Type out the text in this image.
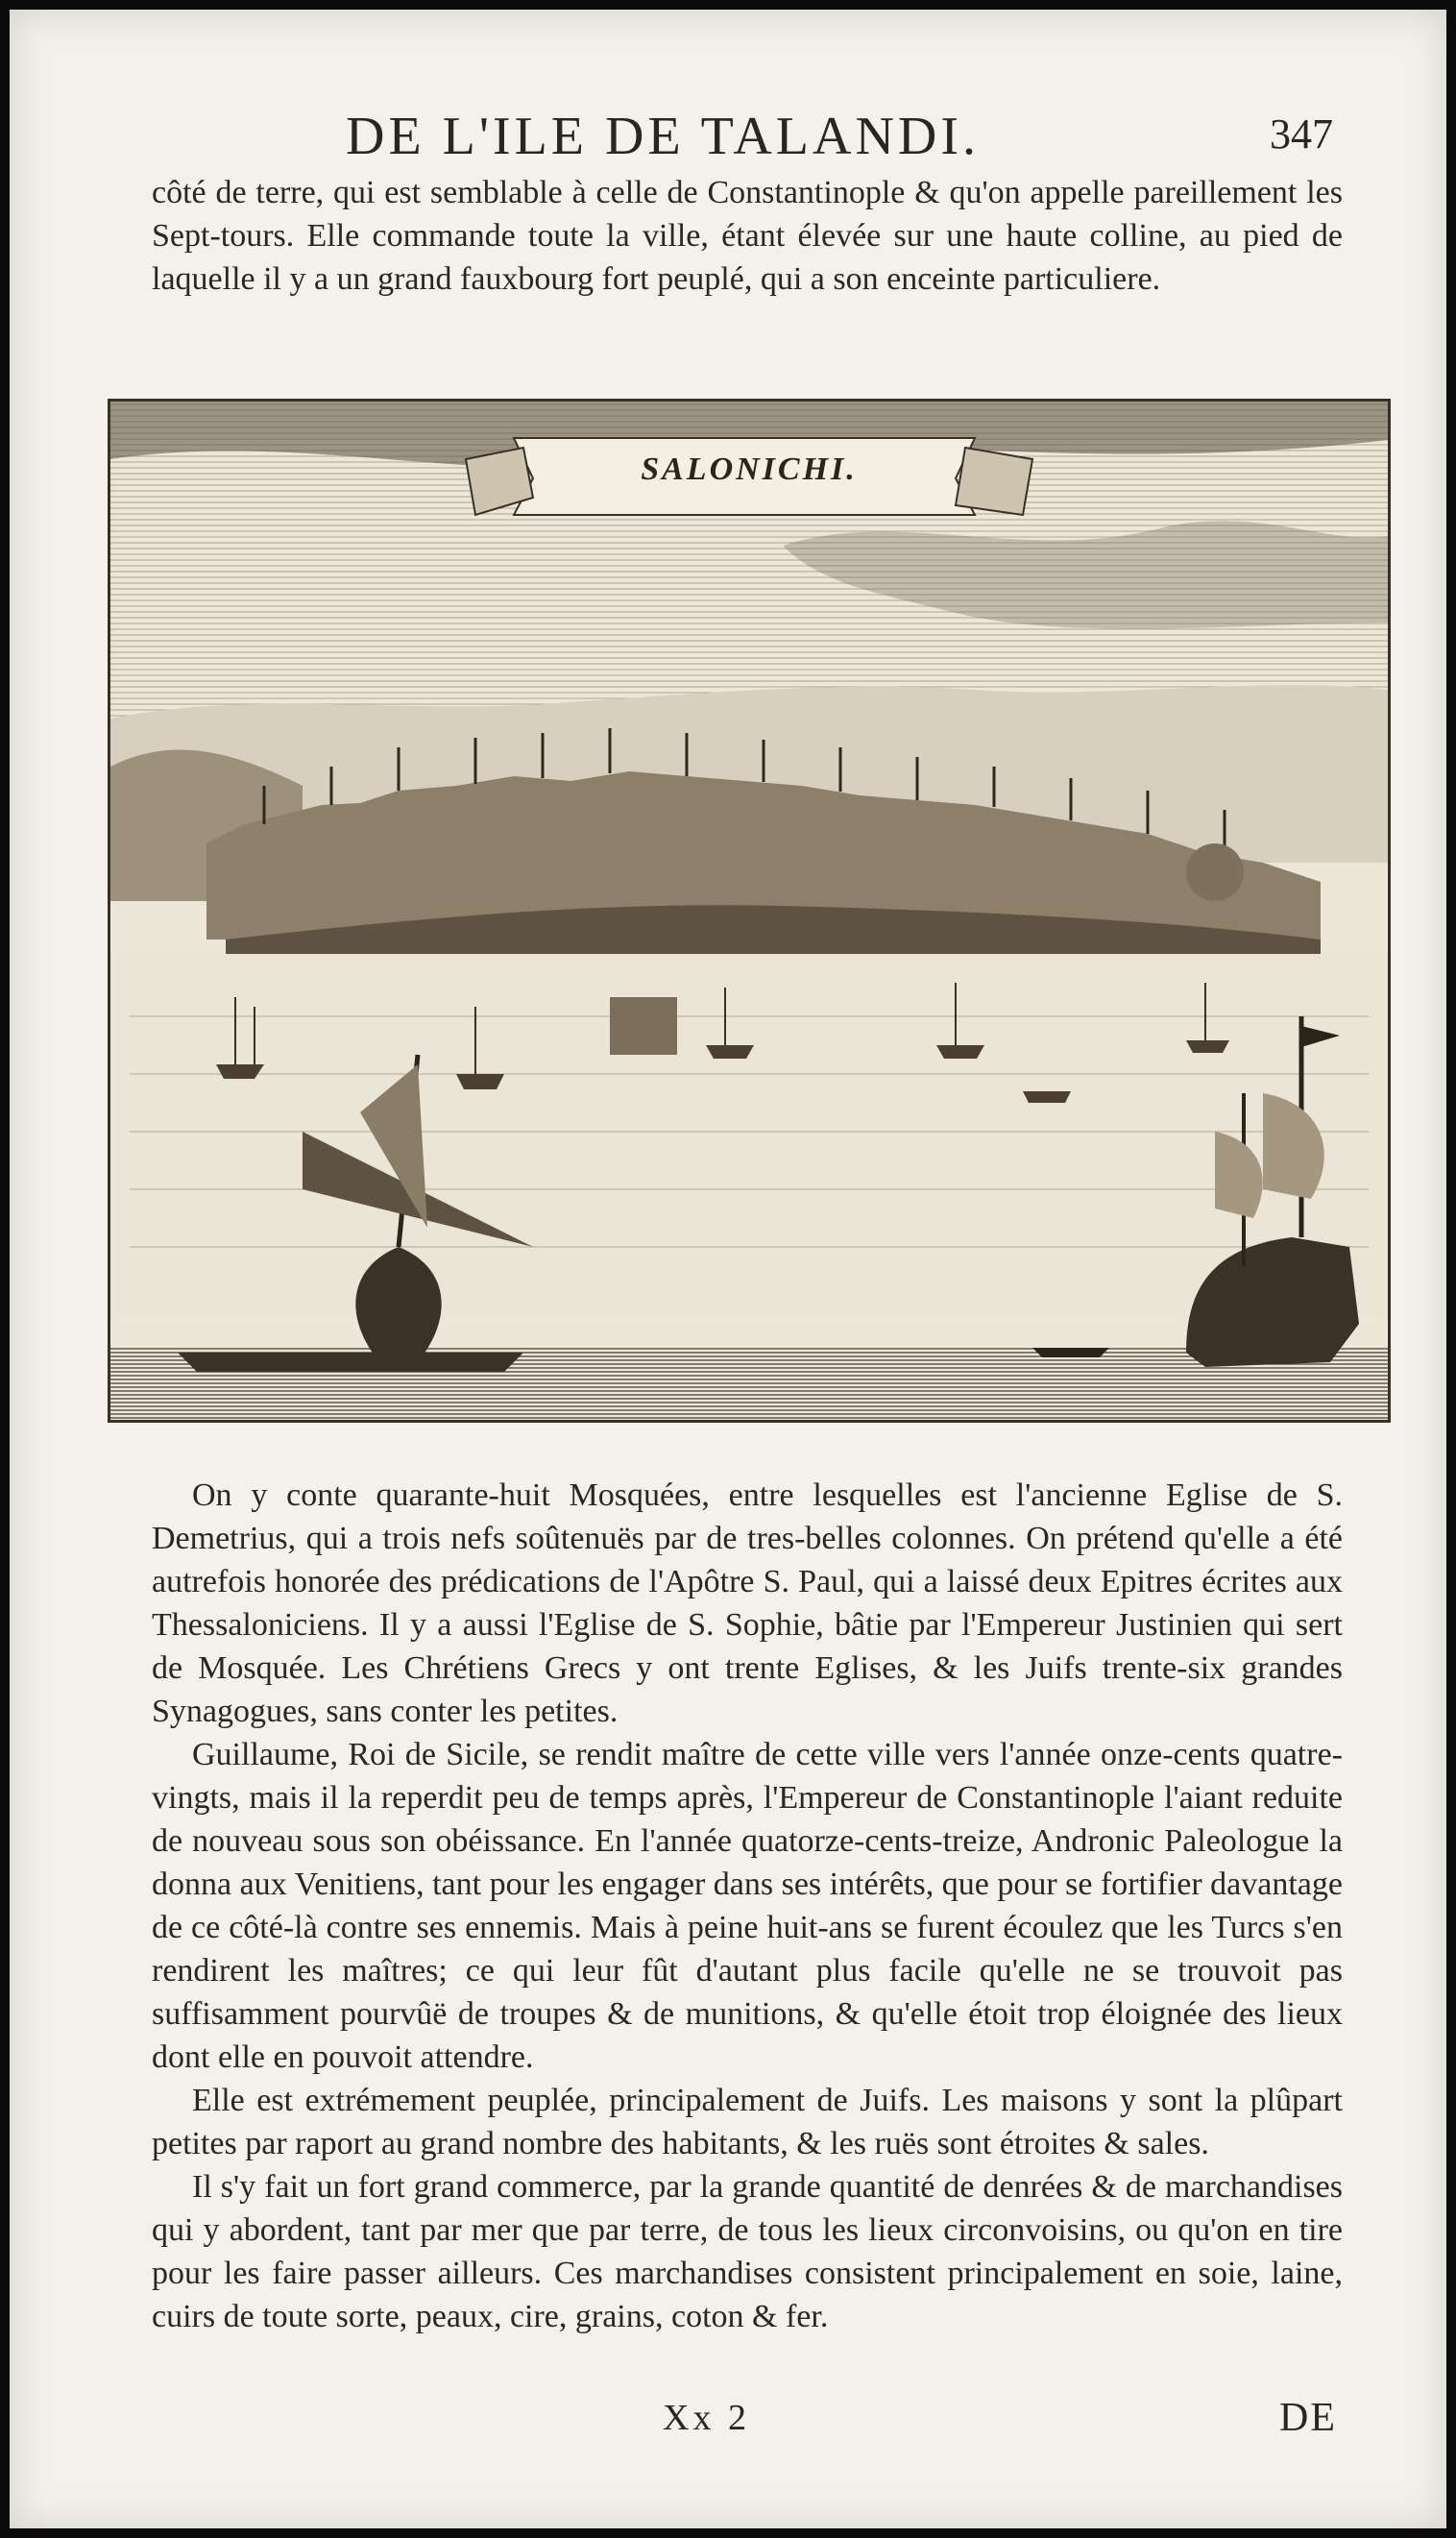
DE L'ILE DE TALANDI.	347

côté de terre, qui est semblable à celle de Constantinople & qu'on appelle pareillement les Sept-tours. Elle commande toute la ville, étant élevée sur une haute colline, au pied de laquelle il y a un grand fauxbourg fort peuplé, qui a son enceinte particuliere.

SALONICHI.

On y conte quarante-huit Mosquées, entre lesquelles est l'ancienne Eglise de S. Demetrius, qui a trois nefs soûtenuës par de tres-belles colonnes. On prétend qu'elle a été autrefois honorée des prédications de l'Apôtre S. Paul, qui a laissé deux Epitres écrites aux Thessaloniciens. Il y a aussi l'Eglise de S. Sophie, bâtie par l'Empereur Justinien qui sert de Mosquée. Les Chrétiens Grecs y ont trente Eglises, & les Juifs trente-six grandes Synagogues, sans conter les petites.

Guillaume, Roi de Sicile, se rendit maître de cette ville vers l'année onze-cents quatre-vingts, mais il la reperdit peu de temps après, l'Empereur de Constantinople l'aiant reduite de nouveau sous son obéissance. En l'année quatorze-cents-treize, Andronic Paleologue la donna aux Venitiens, tant pour les engager dans ses intérêts, que pour se fortifier davantage de ce côté-là contre ses ennemis. Mais à peine huit-ans se furent écoulez que les Turcs s'en rendirent les maîtres; ce qui leur fût d'autant plus facile qu'elle ne se trouvoit pas suffisamment pourvûë de troupes & de munitions, & qu'elle étoit trop éloignée des lieux dont elle en pouvoit attendre.

Elle est extrémement peuplée, principalement de Juifs. Les maisons y sont la plûpart petites par raport au grand nombre des habitants, & les ruës sont étroites & sales.

Il s'y fait un fort grand commerce, par la grande quantité de denrées & de marchandises qui y abordent, tant par mer que par terre, de tous les lieux circonvoisins, ou qu'on en tire pour les faire passer ailleurs. Ces marchandises consistent principalement en soie, laine, cuirs de toute sorte, peaux, cire, grains, coton & fer.

Xx 2	DE
